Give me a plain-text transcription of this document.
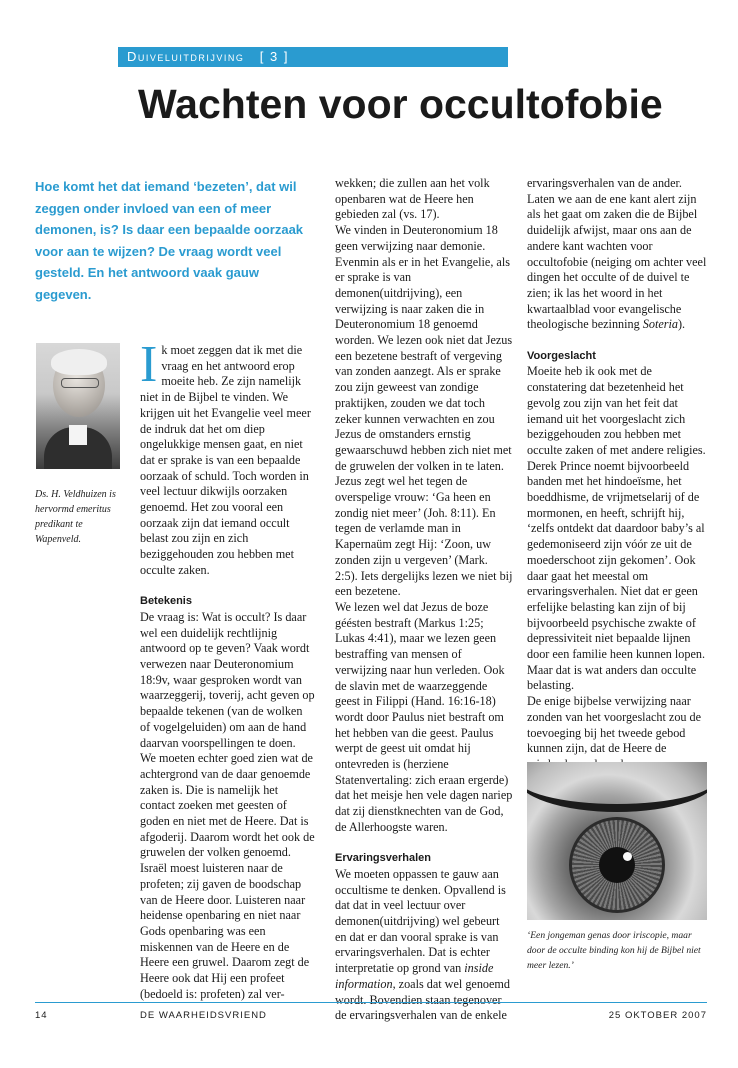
Duiveluitdrijving [ 3 ]
Wachten voor occultofobie

Hoe komt het dat iemand ‘bezeten’, dat wil zeggen onder invloed van een of meer demonen, is? Is daar een bepaalde oorzaak voor aan te wijzen? De vraag wordt veel gesteld. En het antwoord vaak gauw gegeven.

Ds. H. Veldhuizen is hervormd emeritus predikant te Wapenveld.

Ik moet zeggen dat ik met die vraag en het antwoord erop moeite heb. Ze zijn namelijk niet in de Bijbel te vinden. We krijgen uit het Evangelie veel meer de indruk dat het om diep ongelukkige mensen gaat, en niet dat er sprake is van een bepaalde oorzaak of schuld. Toch worden in veel lectuur dikwijls oorzaken genoemd. Het zou vooral een oorzaak zijn dat iemand occult belast zou zijn en zich beziggehouden zou hebben met occulte zaken.

Betekenis

De vraag is: Wat is occult? Is daar wel een duidelijk rechtlijnig antwoord op te geven? Vaak wordt verwezen naar Deuteronomium 18:9v, waar gesproken wordt van waarzeggerij, toverij, acht geven op bepaalde tekenen (van de wolken of vogelgeluiden) om aan de hand daarvan voorspellingen te doen.

We moeten echter goed zien wat de achtergrond van de daar genoemde zaken is. Die is namelijk het contact zoeken met geesten of goden en niet met de Heere. Dat is afgoderij. Daarom wordt het ook de gruwelen der volken genoemd. Israël moest luisteren naar de profeten; zij gaven de boodschap van de Heere door. Luisteren naar heidense openbaring en niet naar Gods openbaring was een miskennen van de Heere en de Heere een gruwel. Daarom zegt de Heere ook dat Hij een profeet (bedoeld is: profeten) zal ver-

wekken; die zullen aan het volk openbaren wat de Heere hen gebieden zal (vs. 17).

We vinden in Deuteronomium 18 geen verwijzing naar demonie. Evenmin als er in het Evangelie, als er sprake is van demonen(uitdrijving), een verwijzing is naar zaken die in Deuteronomium 18 genoemd worden. We lezen ook niet dat Jezus een bezetene bestraft of vergeving van zonden aanzegt. Als er sprake zou zijn geweest van zondige praktijken, zouden we dat toch zeker kunnen verwachten en zou Jezus de omstanders ernstig gewaarschuwd hebben zich niet met de gruwelen der volken in te laten. Jezus zegt wel het tegen de overspelige vrouw: ‘Ga heen en zondig niet meer’ (Joh. 8:11). En tegen de verlamde man in Kapernaüm zegt Hij: ‘Zoon, uw zonden zijn u vergeven’ (Mark. 2:5). Iets dergelijks lezen we niet bij een bezetene.

We lezen wel dat Jezus de boze géésten bestraft (Markus 1:25; Lukas 4:41), maar we lezen geen bestraffing van mensen of verwijzing naar hun verleden. Ook de slavin met de waarzeggende geest in Filippi (Hand. 16:16-18) wordt door Paulus niet bestraft om het hebben van die geest. Paulus werpt de geest uit omdat hij ontevreden is (herziene Statenvertaling: zich eraan ergerde) dat het meisje hen vele dagen nariep dat zij dienstknechten van de God, de Allerhoogste waren.

Ervaringsverhalen

We moeten oppassen te gauw aan occultisme te denken. Opvallend is dat dat in veel lectuur over demonen(uitdrijving) wel gebeurt en dat er dan vooral sprake is van ervaringsverhalen. Dat is echter interpretatie op grond van inside information, zoals dat wel genoemd wordt. Bovendien staan tegenover de ervaringsverhalen van de enkele

ervaringsverhalen van de ander. Laten we aan de ene kant alert zijn als het gaat om zaken die de Bijbel duidelijk afwijst, maar ons aan de andere kant wachten voor occultofobie (neiging om achter veel dingen het occulte of de duivel te zien; ik las het woord in het kwartaalblad voor evangelische theologische bezinning Soteria).

Voorgeslacht

Moeite heb ik ook met de constatering dat bezetenheid het gevolg zou zijn van het feit dat iemand uit het voorgeslacht zich beziggehouden zou hebben met occulte zaken of met andere religies. Derek Prince noemt bijvoorbeeld banden met het hindoeïsme, het boeddhisme, de vrijmetselarij of de mormonen, en heeft, schrijft hij, ‘zelfs ontdekt dat daardoor baby’s al gedemoniseerd zijn vóór ze uit de moederschoot zijn gekomen’. Ook daar gaat het meestal om ervaringsverhalen. Niet dat er geen erfelijke belasting kan zijn of bij bijvoorbeeld psychische zwakte of depressiviteit niet bepaalde lijnen door een familie heen kunnen lopen. Maar dat is wat anders dan occulte belasting.

De enige bijbelse verwijzing naar zonden van het voorgeslacht zou de toevoeging bij het tweede gebod kunnen zijn, dat de Heere de

‘Een jongeman genas door iriscopie, maar door de occulte binding kon hij de Bijbel niet meer lezen.’

14	DE WAARHEIDSVRIEND	25 OKTOBER 2007
